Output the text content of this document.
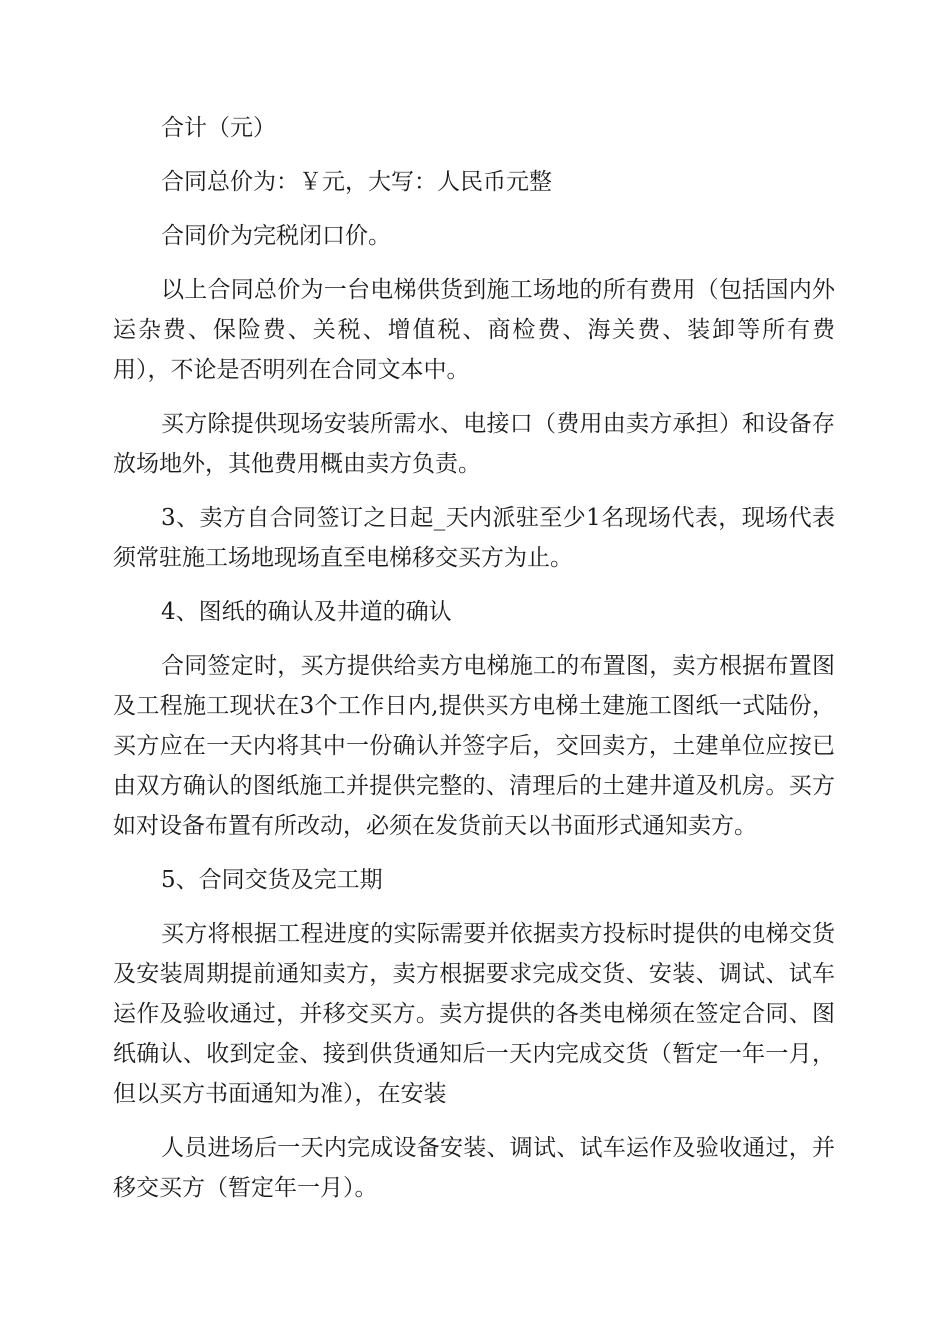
合计（元）

合同总价为：￥元，大写：人民币元整

合同价为完税闭口价。

以上合同总价为一台电梯供货到施工场地的所有费用（包括国内外运杂费、保险费、关税、增值税、商检费、海关费、装卸等所有费用），不论是否明列在合同文本中。

买方除提供现场安装所需水、电接口（费用由卖方承担）和设备存放场地外，其他费用概由卖方负责。

3、卖方自合同签订之日起_天内派驻至少1名现场代表，现场代表须常驻施工场地现场直至电梯移交买方为止。

4、图纸的确认及井道的确认

合同签定时，买方提供给卖方电梯施工的布置图，卖方根据布置图及工程施工现状在3个工作日内,提供买方电梯土建施工图纸一式陆份，买方应在一天内将其中一份确认并签字后，交回卖方，土建单位应按已由双方确认的图纸施工并提供完整的、清理后的土建井道及机房。买方如对设备布置有所改动，必须在发货前天以书面形式通知卖方。

5、合同交货及完工期

买方将根据工程进度的实际需要并依据卖方投标时提供的电梯交货及安装周期提前通知卖方，卖方根据要求完成交货、安装、调试、试车运作及验收通过，并移交买方。卖方提供的各类电梯须在签定合同、图纸确认、收到定金、接到供货通知后一天内完成交货（暂定一年一月，但以买方书面通知为准），在安装

人员进场后一天内完成设备安装、调试、试车运作及验收通过，并移交买方（暂定年一月）。
